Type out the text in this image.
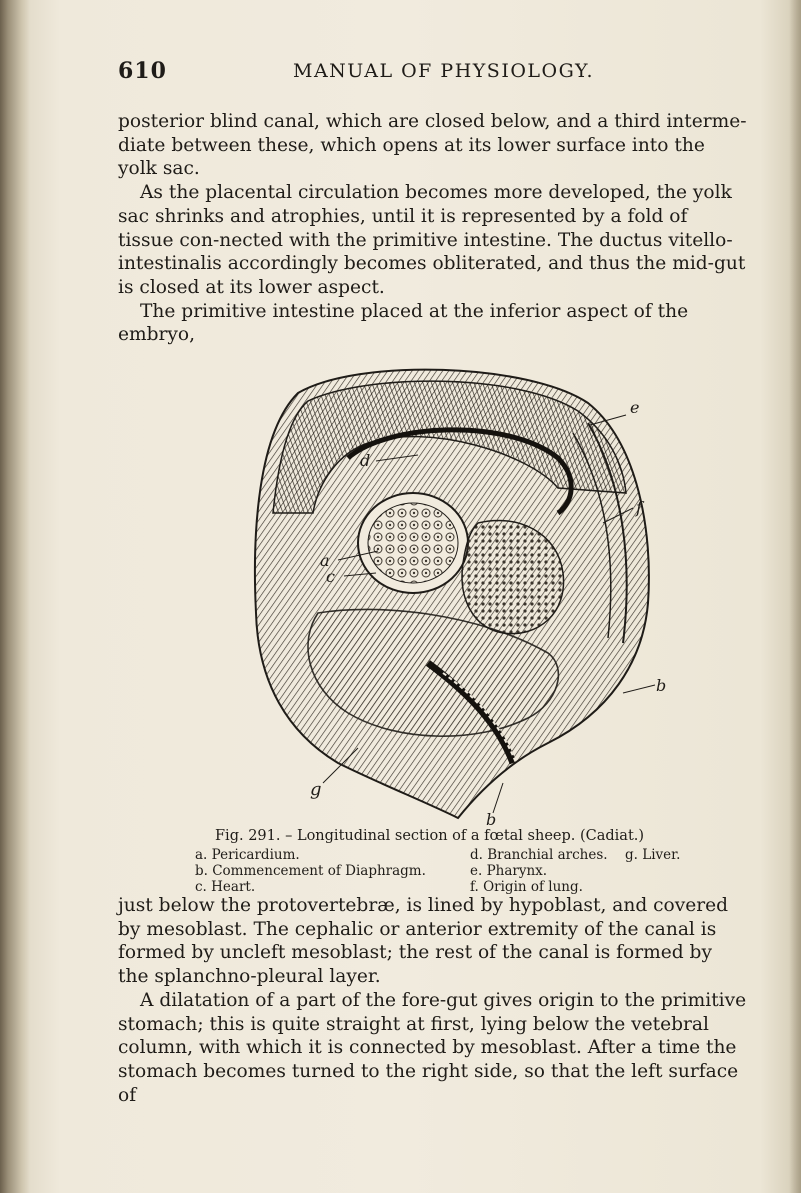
610	MANUAL OF PHYSIOLOGY.

posterior blind canal, which are closed below, and a third interme-diate between these, which opens at its lower surface into the yolk sac.

As the placental circulation becomes more developed, the yolk sac shrinks and atrophies, until it is represented by a fold of tissue con-nected with the primitive intestine. The ductus vitello-intestinalis accordingly becomes obliterated, and thus the mid-gut is closed at its lower aspect.

The primitive intestine placed at the inferior aspect of the embryo,

d
e
f
a
c
b
b
g
Fig. 291. – Longitudinal section of a fœtal sheep. (Cadiat.)
a. Pericardium.
b. Commencement of Diaphragm.
c. Heart.
d. Branchial arches.
e. Pharynx.
f. Origin of lung.
g. Liver.

just below the protovertebræ, is lined by hypoblast, and covered by mesoblast. The cephalic or anterior extremity of the canal is formed by uncleft mesoblast; the rest of the canal is formed by the splanchno-pleural layer.

A dilatation of a part of the fore-gut gives origin to the primitive stomach; this is quite straight at first, lying below the vetebral column, with which it is connected by mesoblast. After a time the stomach becomes turned to the right side, so that the left surface of
